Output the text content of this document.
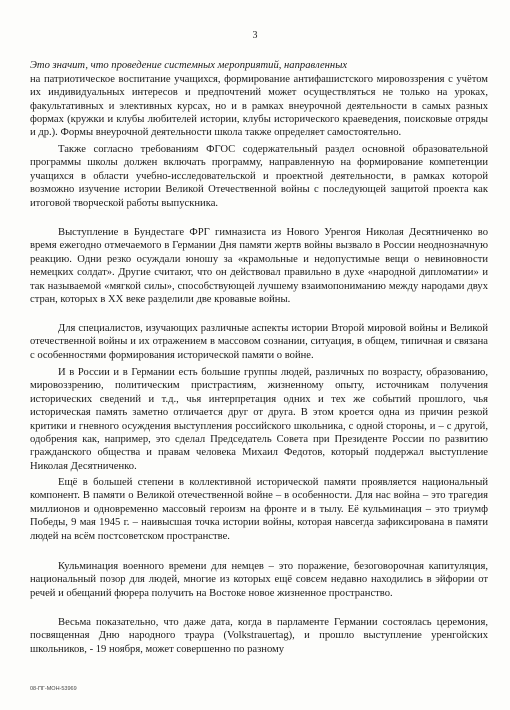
3

Это значит, что проведение системных мероприятий, направленных
на патриотическое воспитание учащихся, формирование антифашистского мировоззрения с учётом их индивидуальных интересов и предпочтений может осуществляться не только на уроках, факультативных и элективных курсах, но и в рамках внеурочной деятельности в самых разных формах (кружки и клубы любителей истории, клубы исторического краеведения, поисковые отряды и др.). Формы внеурочной деятельности школа также определяет самостоятельно.

Также согласно требованиям ФГОС содержательный раздел основной образовательной программы школы должен включать программу, направленную на формирование компетенции учащихся в области учебно-исследовательской и проектной деятельности, в рамках которой возможно изучение истории Великой Отечественной войны с последующей защитой проекта как итоговой творческой работы выпускника.
Выступление в Бундестаге ФРГ гимназиста из Нового Уренгоя Николая Десятниченко во время ежегодно отмечаемого в Германии Дня памяти жертв войны вызвало в России неоднозначную реакцию. Одни резко осуждали юношу за «крамольные и недопустимые вещи о невиновности немецких солдат». Другие считают, что он действовал правильно в духе «народной дипломатии» и так называемой «мягкой силы», способствующей лучшему взаимопониманию между народами двух стран, которых в XX веке разделили две кровавые войны.
Для специалистов, изучающих различные аспекты истории Второй мировой войны и Великой отечественной войны и их отражением в массовом сознании, ситуация, в общем, типичная и связана с особенностями формирования исторической памяти о войне.
И в России и в Германии есть большие группы людей, различных по возрасту, образованию, мировоззрению, политическим пристрастиям, жизненному опыту, источникам получения исторических сведений и т.д., чья интерпретация одних и тех же событий прошлого, чья историческая память заметно отличается друг от друга. В этом кроется одна из причин резкой критики и гневного осуждения выступления российского школьника, с одной стороны, и – с другой, одобрения как, например, это сделал Председатель Совета при Президенте России по развитию гражданского общества и правам человека Михаил Федотов, который поддержал выступление Николая Десятниченко.
Ещё в большей степени в коллективной исторической памяти проявляется национальный компонент. В памяти о Великой отечественной войне – в особенности. Для нас война – это трагедия миллионов и одновременно массовый героизм на фронте и в тылу. Её кульминация – это триумф Победы, 9 мая 1945 г. – наивысшая точка истории войны, которая навсегда зафиксирована в памяти людей на всём постсоветском пространстве.
Кульминация военного времени для немцев – это поражение, безоговорочная капитуляция, национальный позор для людей, многие из которых ещё совсем недавно находились в эйфории от речей и обещаний фюрера получить на Востоке новое жизненное пространство.
Весьма показательно, что даже дата, когда в парламенте Германии состоялась церемония, посвященная Дню народного траура (Volkstrauertag), и прошло выступление уренгойских школьников, - 19 ноября, может совершенно по разному
08-ПГ-МОН-53969
